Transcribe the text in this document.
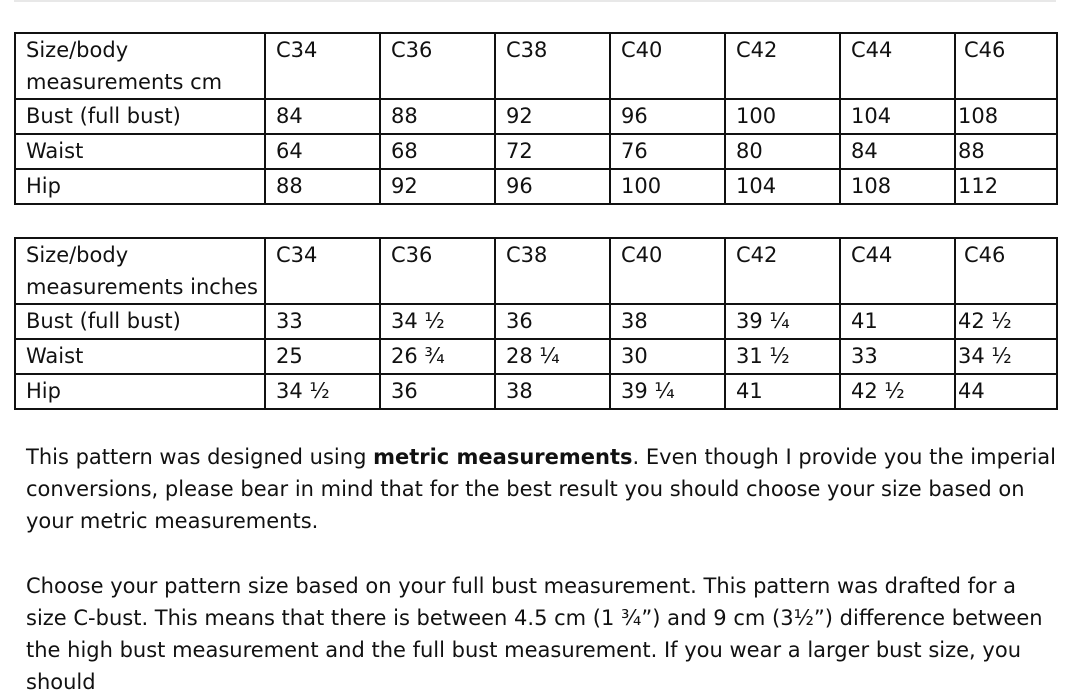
Size/body measurements cm	C34	C36	C38	C40	C42	C44	C46
Bust (full bust)	84	88	92	96	100	104	108
Waist	64	68	72	76	80	84	88
Hip	88	92	96	100	104	108	112
Size/body measurements inches	C34	C36	C38	C40	C42	C44	C46
Bust (full bust)	33	34 ½	36	38	39 ¼	41	42 ½
Waist	25	26 ¾	28 ¼	30	31 ½	33	34 ½
Hip	34 ½	36	38	39 ¼	41	42 ½	44

This pattern was designed using metric measurements. Even though I provide you the imperial conversions, please bear in mind that for the best result you should choose your size based on your metric measurements.

Choose your pattern size based on your full bust measurement. This pattern was drafted for a size C-bust. This means that there is between 4.5 cm (1 ¾”) and 9 cm (3½”) difference between the high bust measurement and the full bust measurement. If you wear a larger bust size, you should
